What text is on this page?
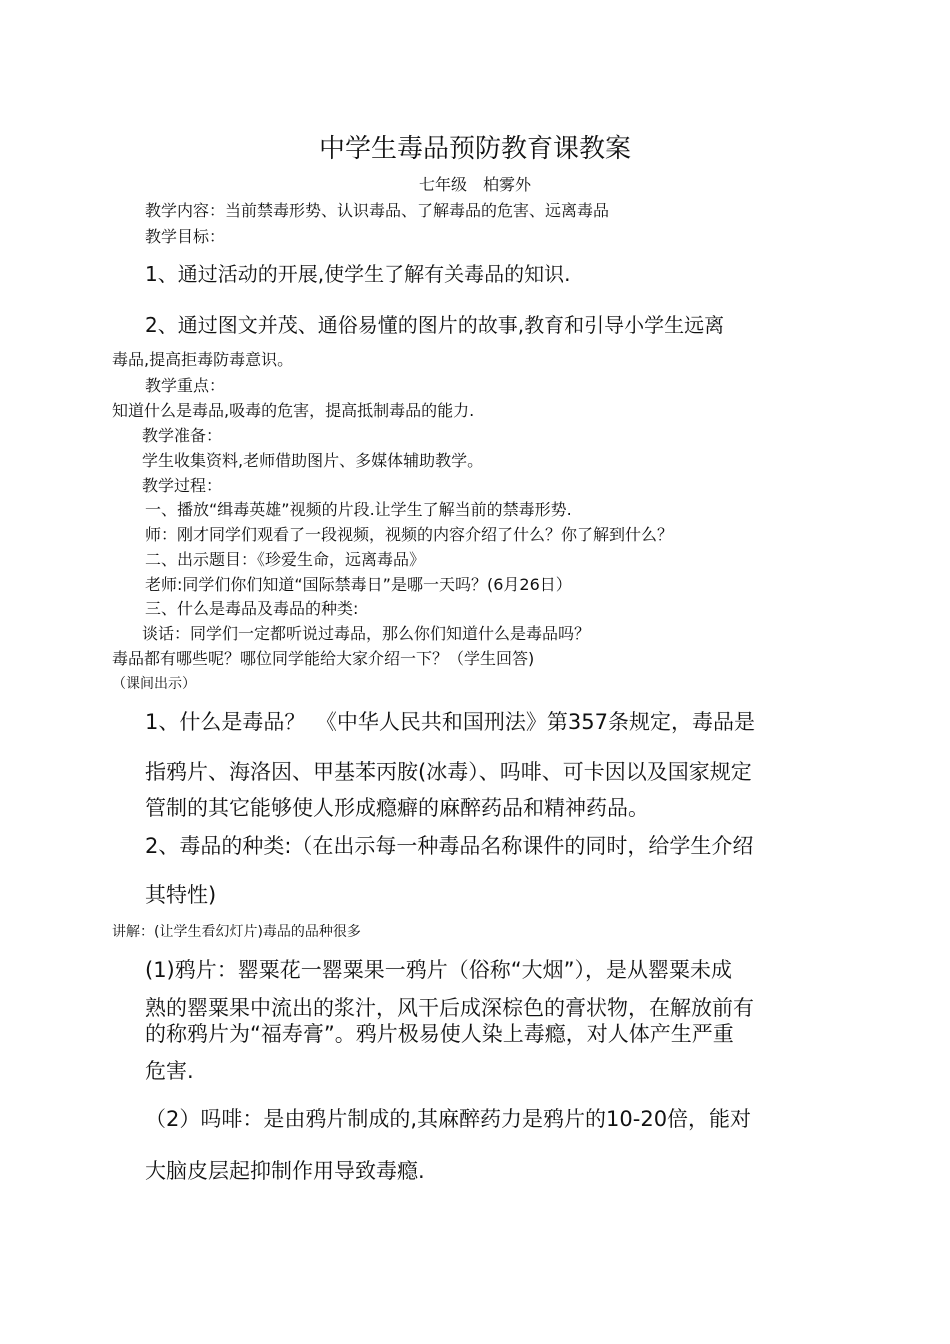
中学生毒品预防教育课教案
七年级　柏雾外
教学内容：当前禁毒形势、认识毒品、了解毒品的危害、远离毒品
教学目标：
1、通过活动的开展,使学生了解有关毒品的知识.
2、通过图文并茂、通俗易懂的图片的故事,教育和引导小学生远离
毒品,提高拒毒防毒意识。
教学重点：
知道什么是毒品,吸毒的危害，提高抵制毒品的能力.
教学准备：
学生收集资料,老师借助图片、多媒体辅助教学。
教学过程：
一、播放“缉毒英雄”视频的片段.让学生了解当前的禁毒形势.
师：刚才同学们观看了一段视频，视频的内容介绍了什么？你了解到什么？
二、出示题目：《珍爱生命，远离毒品》
老师:同学们你们知道“国际禁毒日”是哪一天吗？(6月26日）
三、什么是毒品及毒品的种类:
谈话：同学们一定都听说过毒品，那么你们知道什么是毒品吗？
毒品都有哪些呢？哪位同学能给大家介绍一下？（学生回答)
（课间出示）
1、什么是毒品？　《中华人民共和国刑法》第357条规定，毒品是
指鸦片、海洛因、甲基苯丙胺(冰毒）、吗啡、可卡因以及国家规定
管制的其它能够使人形成瘾癖的麻醉药品和精神药品。
2、毒品的种类:（在出示每一种毒品名称课件的同时，给学生介绍
其特性)
讲解：(让学生看幻灯片)毒品的品种很多
(1)鸦片：罂粟花一罂粟果一鸦片（俗称“大烟”），是从罂粟未成
熟的罂粟果中流出的浆汁，风干后成深棕色的膏状物，在解放前有
的称鸦片为“福寿膏”。鸦片极易使人染上毒瘾，对人体产生严重
危害.
（2）吗啡：是由鸦片制成的,其麻醉药力是鸦片的10-20倍，能对
大脑皮层起抑制作用导致毒瘾.
